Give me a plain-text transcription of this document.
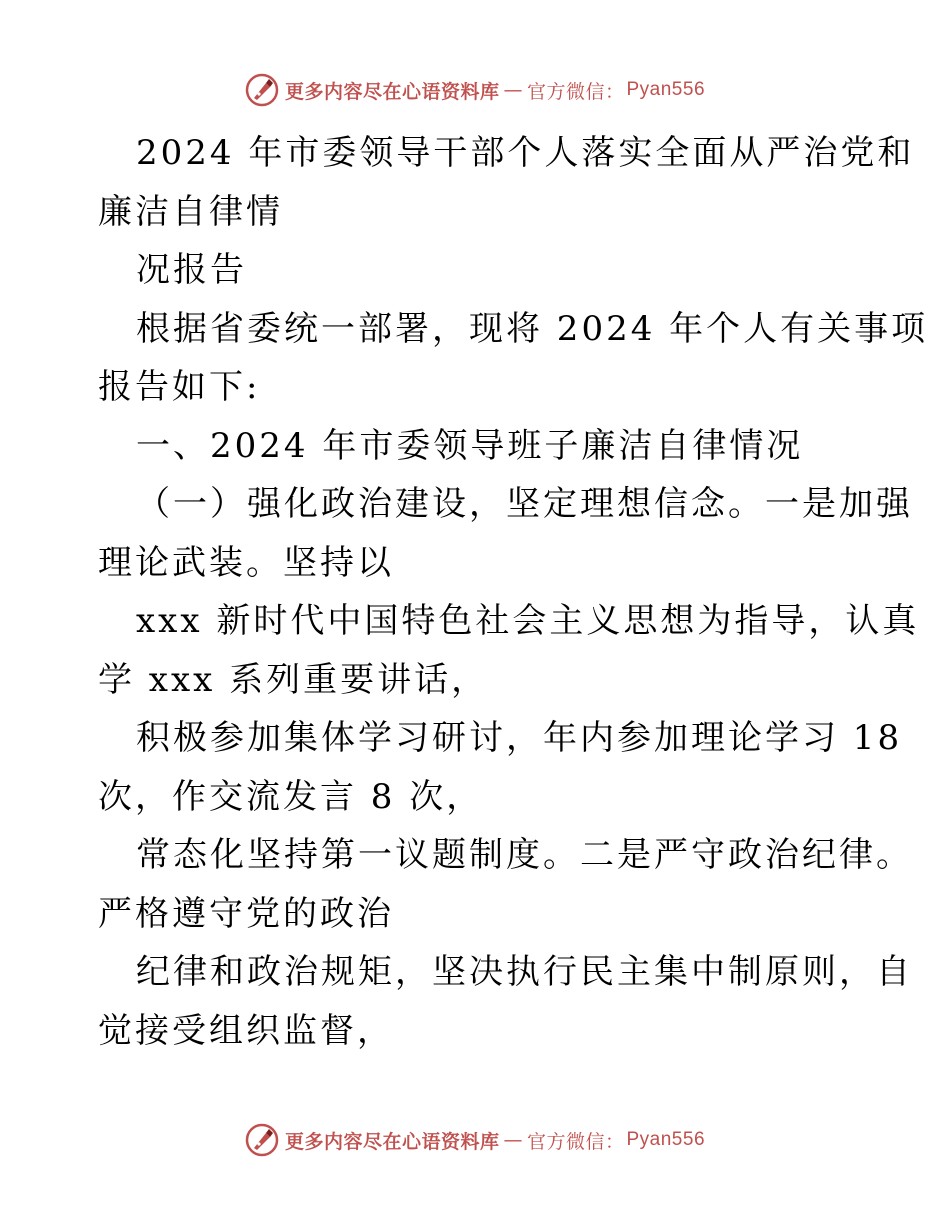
更多内容尽在心语资料库 — 官方微信： Pyan556
2024 年市委领导干部个人落实全面从严治党和
廉洁自律情
况报告
根据省委统一部署，现将 2024 年个人有关事项
报告如下:
一、2024 年市委领导班子廉洁自律情况
（一）强化政治建设，坚定理想信念。一是加强
理论武装。坚持以
xxx 新时代中国特色社会主义思想为指导，认真
学 xxx 系列重要讲话，
积极参加集体学习研讨，年内参加理论学习 18
次，作交流发言 8 次，
常态化坚持第一议题制度。二是严守政治纪律。
严格遵守党的政治
纪律和政治规矩，坚决执行民主集中制原则，自
觉接受组织监督，
更多内容尽在心语资料库 — 官方微信： Pyan556
